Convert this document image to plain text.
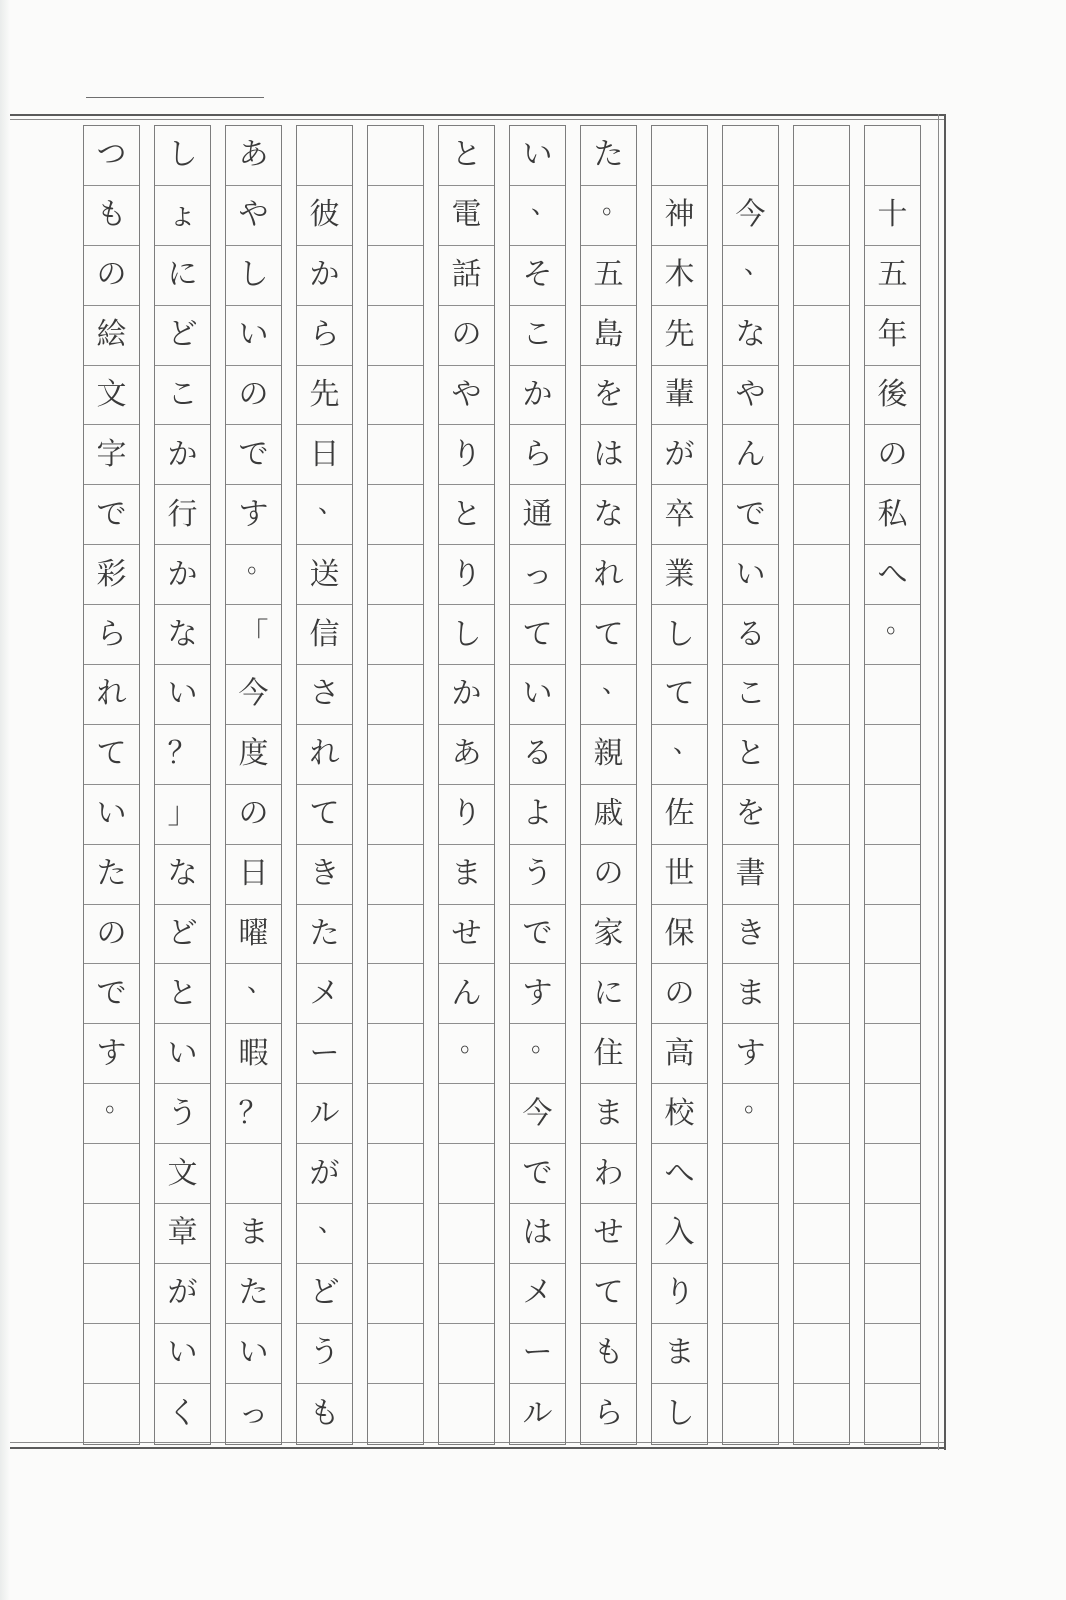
十
五
年
後
の
私
へ
。
今
、
な
や
ん
で
い
る
こ
と
を
書
き
ま
す
。
神
木
先
輩
が
卒
業
し
て
、
佐
世
保
の
高
校
へ
入
り
ま
し
た
。
五
島
を
は
な
れ
て
、
親
戚
の
家
に
住
ま
わ
せ
て
も
ら
い
、
そ
こ
か
ら
通
っ
て
い
る
よ
う
で
す
。
今
で
は
メ
ー
ル
と
電
話
の
や
り
と
り
し
か
あ
り
ま
せ
ん
。
彼
か
ら
先
日
、
送
信
さ
れ
て
き
た
メ
ー
ル
が
、
ど
う
も
あ
や
し
い
の
で
す
。
「
今
度
の
日
曜
、
暇
？
ま
た
い
っ
し
ょ
に
ど
こ
か
行
か
な
い
？
」
な
ど
と
い
う
文
章
が
い
く
つ
も
の
絵
文
字
で
彩
ら
れ
て
い
た
の
で
す
。
